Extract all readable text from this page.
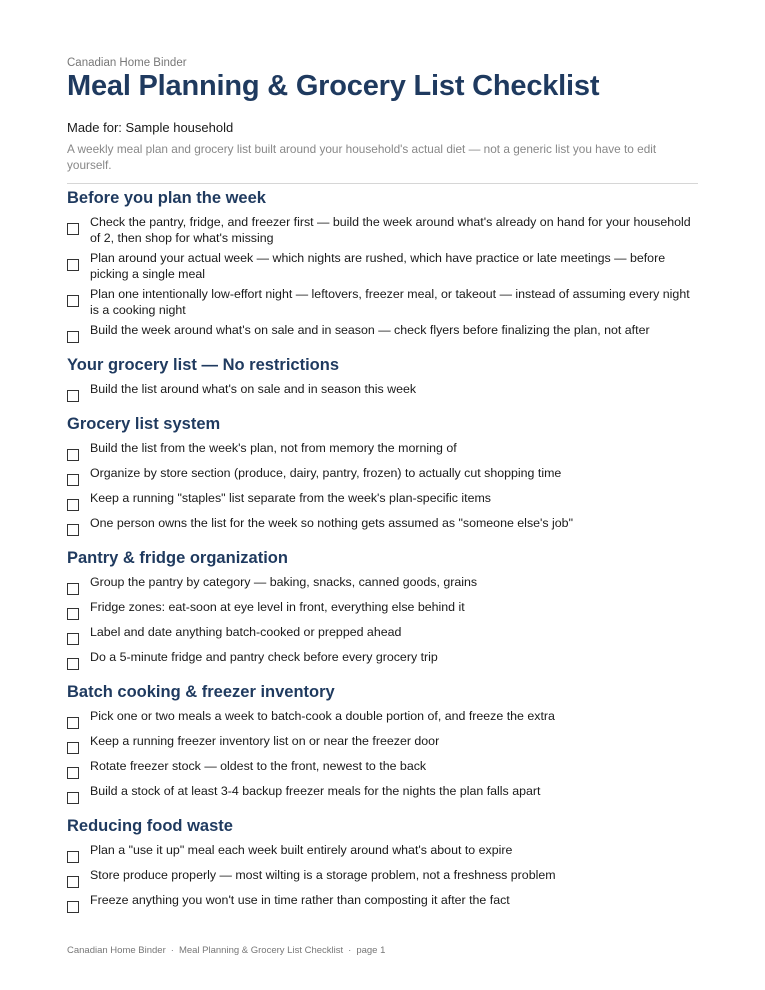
Canadian Home Binder
Meal Planning & Grocery List Checklist
Made for: Sample household
A weekly meal plan and grocery list built around your household's actual diet — not a generic list you have to edit yourself.
Before you plan the week
Check the pantry, fridge, and freezer first — build the week around what's already on hand for your household of 2, then shop for what's missing
Plan around your actual week — which nights are rushed, which have practice or late meetings — before picking a single meal
Plan one intentionally low-effort night — leftovers, freezer meal, or takeout — instead of assuming every night is a cooking night
Build the week around what's on sale and in season — check flyers before finalizing the plan, not after
Your grocery list — No restrictions
Build the list around what's on sale and in season this week
Grocery list system
Build the list from the week's plan, not from memory the morning of
Organize by store section (produce, dairy, pantry, frozen) to actually cut shopping time
Keep a running "staples" list separate from the week's plan-specific items
One person owns the list for the week so nothing gets assumed as "someone else's job"
Pantry & fridge organization
Group the pantry by category — baking, snacks, canned goods, grains
Fridge zones: eat-soon at eye level in front, everything else behind it
Label and date anything batch-cooked or prepped ahead
Do a 5-minute fridge and pantry check before every grocery trip
Batch cooking & freezer inventory
Pick one or two meals a week to batch-cook a double portion of, and freeze the extra
Keep a running freezer inventory list on or near the freezer door
Rotate freezer stock — oldest to the front, newest to the back
Build a stock of at least 3-4 backup freezer meals for the nights the plan falls apart
Reducing food waste
Plan a "use it up" meal each week built entirely around what's about to expire
Store produce properly — most wilting is a storage problem, not a freshness problem
Freeze anything you won't use in time rather than composting it after the fact
Canadian Home Binder · Meal Planning & Grocery List Checklist · page 1
